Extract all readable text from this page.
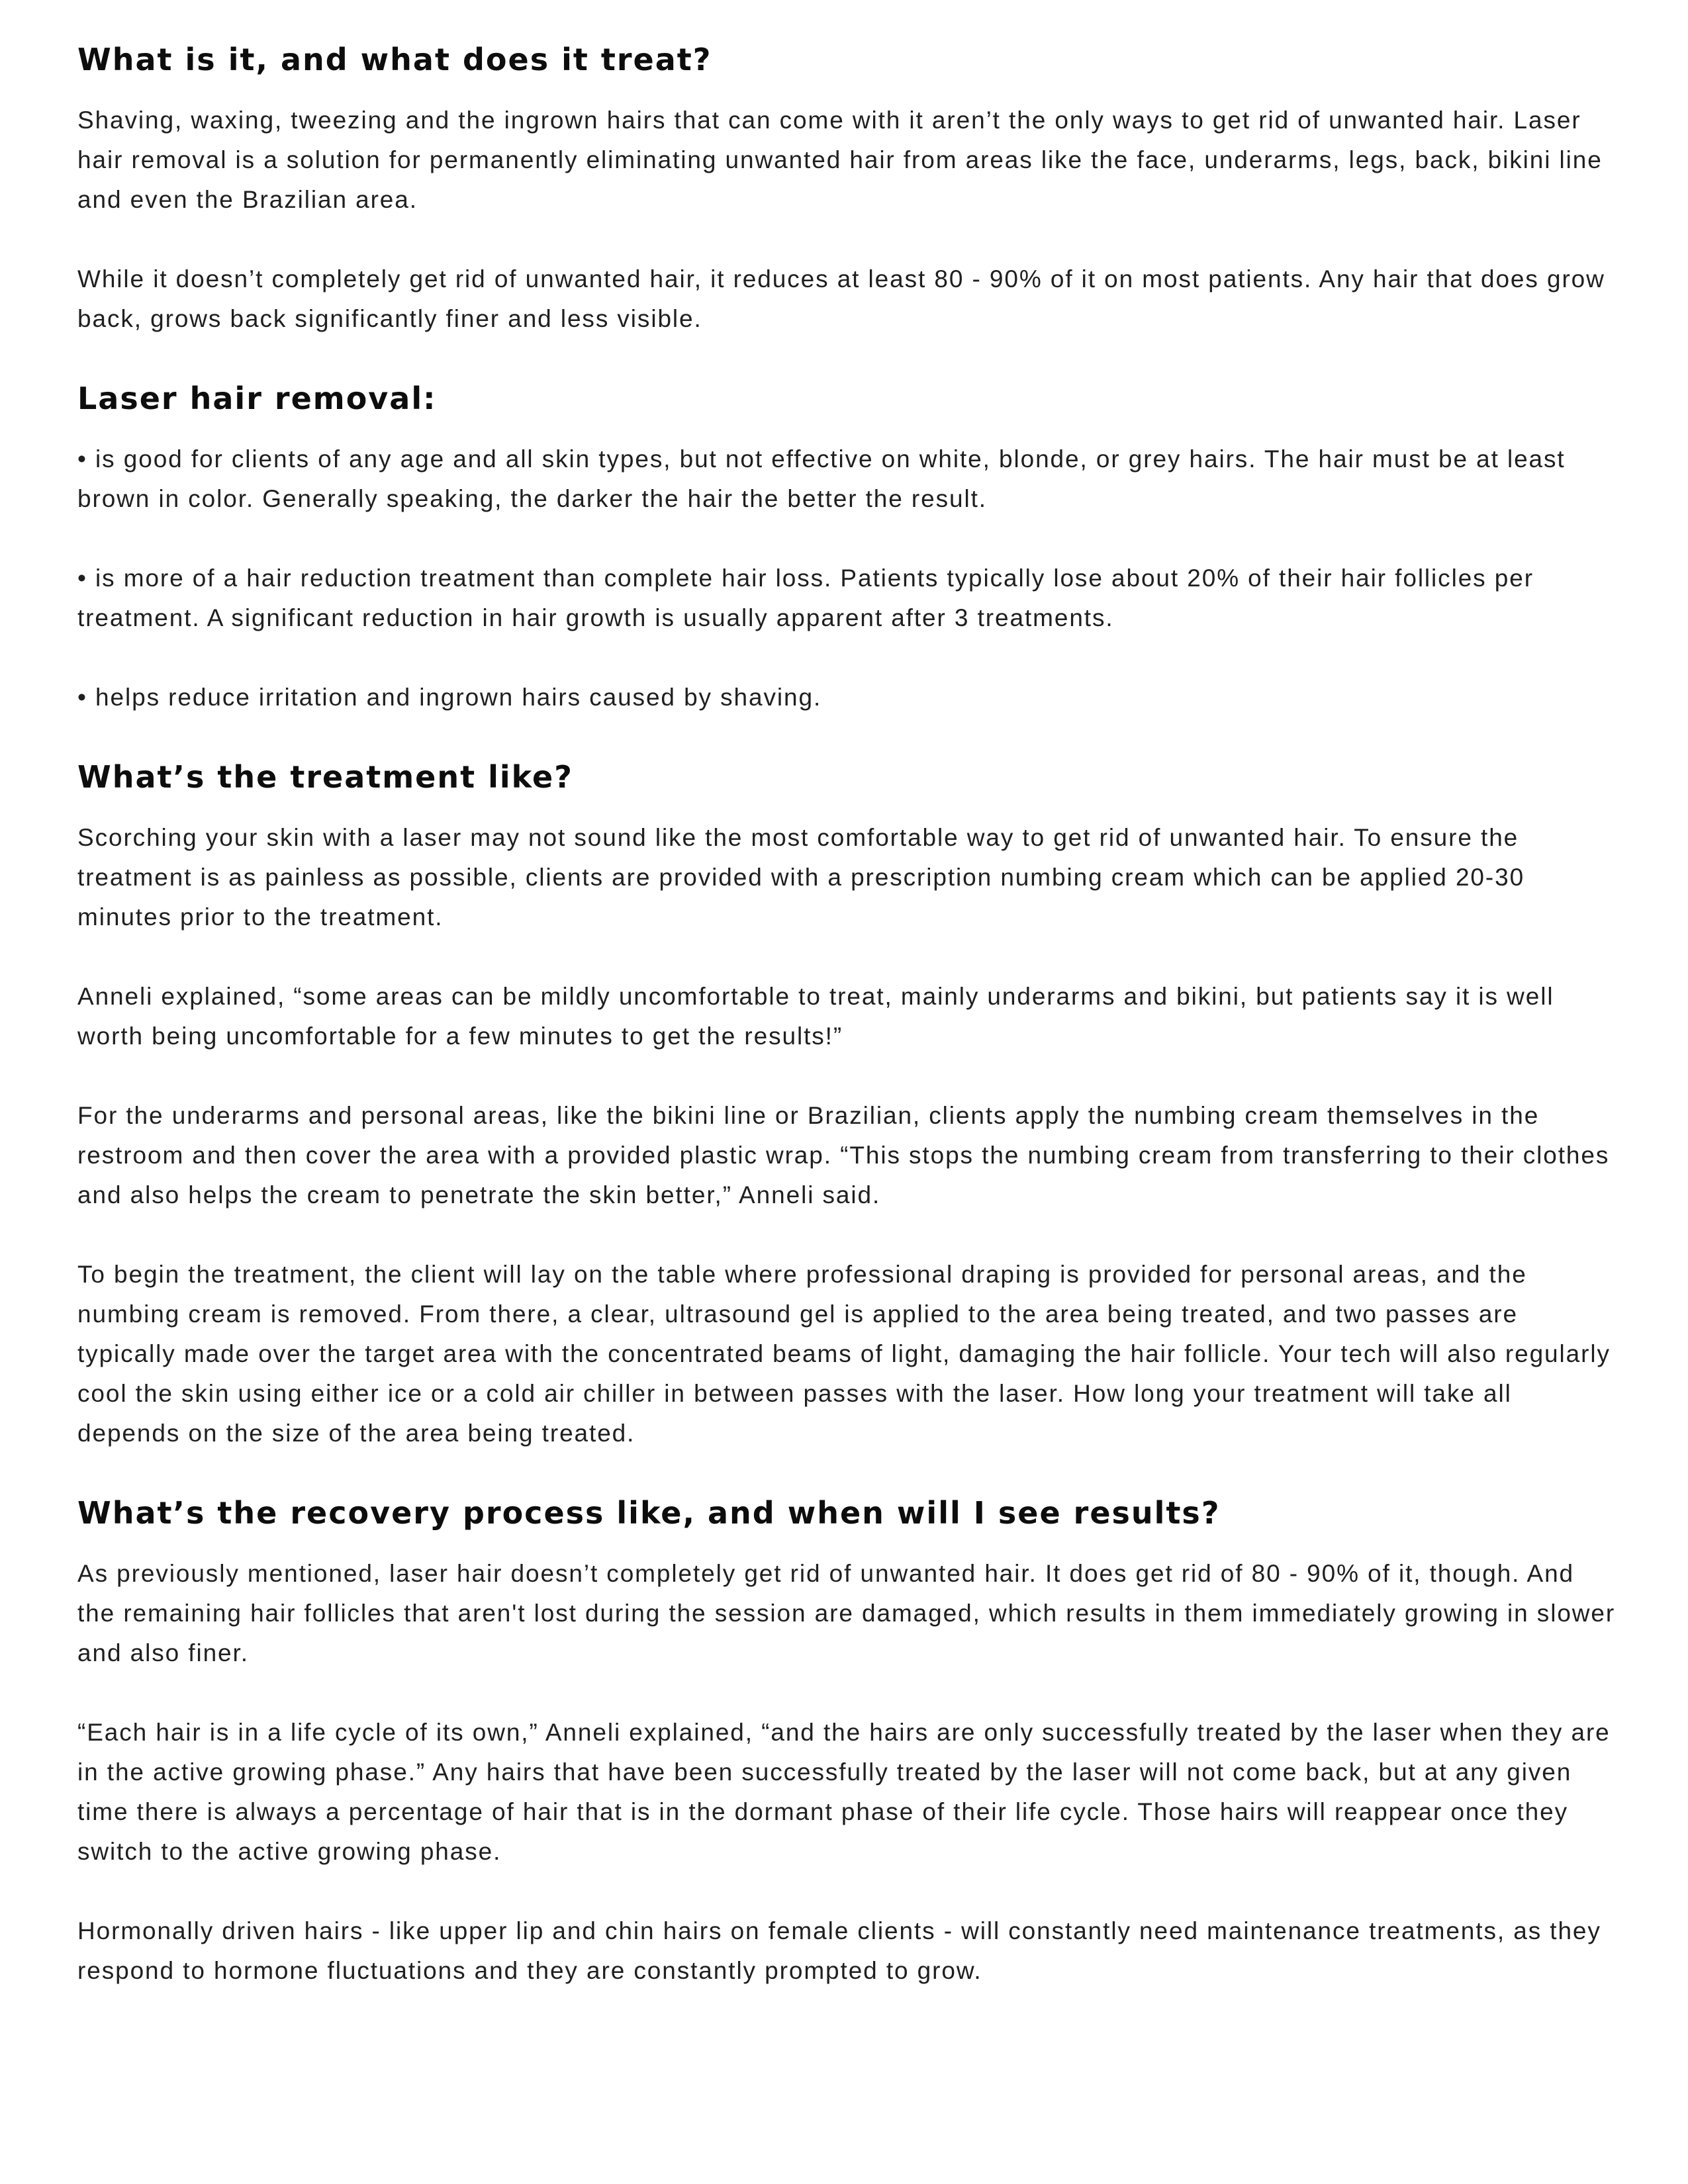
What is it, and what does it treat?

Shaving, waxing, tweezing and the ingrown hairs that can come with it aren’t the only ways to get rid of unwanted hair. Laser hair removal is a solution for permanently eliminating unwanted hair from areas like the face, underarms, legs, back, bikini line and even the Brazilian area.

While it doesn’t completely get rid of unwanted hair, it reduces at least 80 - 90% of it on most patients. Any hair that does grow back, grows back significantly finer and less visible.

Laser hair removal:

• is good for clients of any age and all skin types, but not effective on white, blonde, or grey hairs. The hair must be at least brown in color. Generally speaking, the darker the hair the better the result.

• is more of a hair reduction treatment than complete hair loss. Patients typically lose about 20% of their hair follicles per treatment. A significant reduction in hair growth is usually apparent after 3 treatments.

• helps reduce irritation and ingrown hairs caused by shaving.

What’s the treatment like?

Scorching your skin with a laser may not sound like the most comfortable way to get rid of unwanted hair. To ensure the treatment is as painless as possible, clients are provided with a prescription numbing cream which can be applied 20-30 minutes prior to the treatment.

Anneli explained, “some areas can be mildly uncomfortable to treat, mainly underarms and bikini, but patients say it is well worth being uncomfortable for a few minutes to get the results!”

For the underarms and personal areas, like the bikini line or Brazilian, clients apply the numbing cream themselves in the restroom and then cover the area with a provided plastic wrap. “This stops the numbing cream from transferring to their clothes and also helps the cream to penetrate the skin better,” Anneli said.

To begin the treatment, the client will lay on the table where professional draping is provided for personal areas, and the numbing cream is removed. From there, a clear, ultrasound gel is applied to the area being treated, and two passes are typically made over the target area with the concentrated beams of light, damaging the hair follicle. Your tech will also regularly cool the skin using either ice or a cold air chiller in between passes with the laser. How long your treatment will take all depends on the size of the area being treated.

What’s the recovery process like, and when will I see results?

As previously mentioned, laser hair doesn’t completely get rid of unwanted hair. It does get rid of 80 - 90% of it, though. And the remaining hair follicles that aren't lost during the session are damaged, which results in them immediately growing in slower and also finer.

“Each hair is in a life cycle of its own,” Anneli explained, “and the hairs are only successfully treated by the laser when they are in the active growing phase.” Any hairs that have been successfully treated by the laser will not come back, but at any given time there is always a percentage of hair that is in the dormant phase of their life cycle. Those hairs will reappear once they switch to the active growing phase.

Hormonally driven hairs - like upper lip and chin hairs on female clients - will constantly need maintenance treatments, as they respond to hormone fluctuations and they are constantly prompted to grow.
